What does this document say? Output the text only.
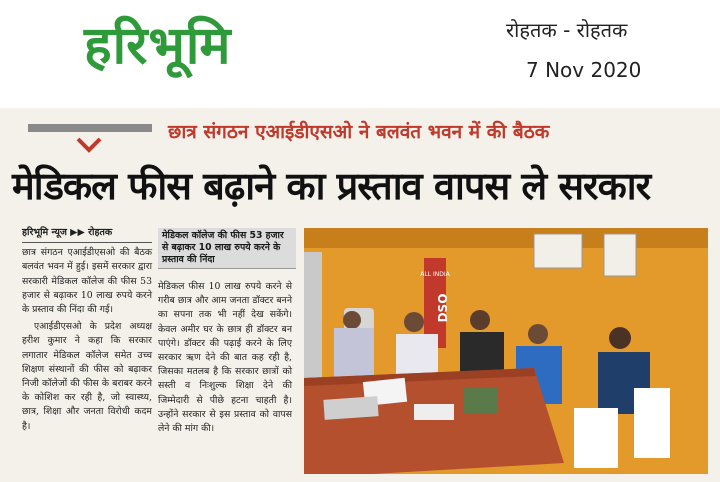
हरिभूमि	रोहतक - रोहतक
7 Nov 2020
छात्र संगठन एआईडीएसओ ने बलवंत भवन में की बैठक
मेडिकल फीस बढ़ाने का प्रस्ताव वापस ले सरकार
हरिभूमि न्यूज ▶▶ रोहतक

छात्र संगठन एआईडीएसओ की बैठक बलवंत भवन में हुई। इसमें सरकार द्वारा सरकारी मेडिकल कॉलेज की फीस 53 हजार से बढ़ाकर 10 लाख रुपये करने के प्रस्ताव की निंदा की गई।

एआईडीएसओ के प्रदेश अध्यक्ष हरीश कुमार ने कहा कि सरकार लगातार मेडिकल कॉलेज समेत उच्च शिक्षण संस्थानों की फीस को बढ़ाकर निजी कॉलेजों की फीस के बराबर करने के कोशिश कर रही है, जो स्वास्थ्य, छात्र, शिक्षा और जनता विरोधी कदम है।

मेडिकल कॉलेज की फीस 53 हजार से बढ़ाकर 10 लाख रुपये करने के प्रस्ताव की निंदा

मेडिकल फीस 10 लाख रुपये करने से गरीब छात्र और आम जनता डॉक्टर बनने का सपना तक भी नहीं देख सकेंगे। केवल अमीर घर के छात्र ही डॉक्टर बन पाएंगे। डॉक्टर की पढ़ाई करने के लिए सरकार ऋण देने की बात कह रही है, जिसका मतलब है कि सरकार छात्रों को सस्ती व निःशुल्क शिक्षा देने की जिम्मेदारी से पीछे हटना चाहती है। उन्होंने सरकार से इस प्रस्ताव को वापस लेने की मांग की।

ALL INDIA
DSO
